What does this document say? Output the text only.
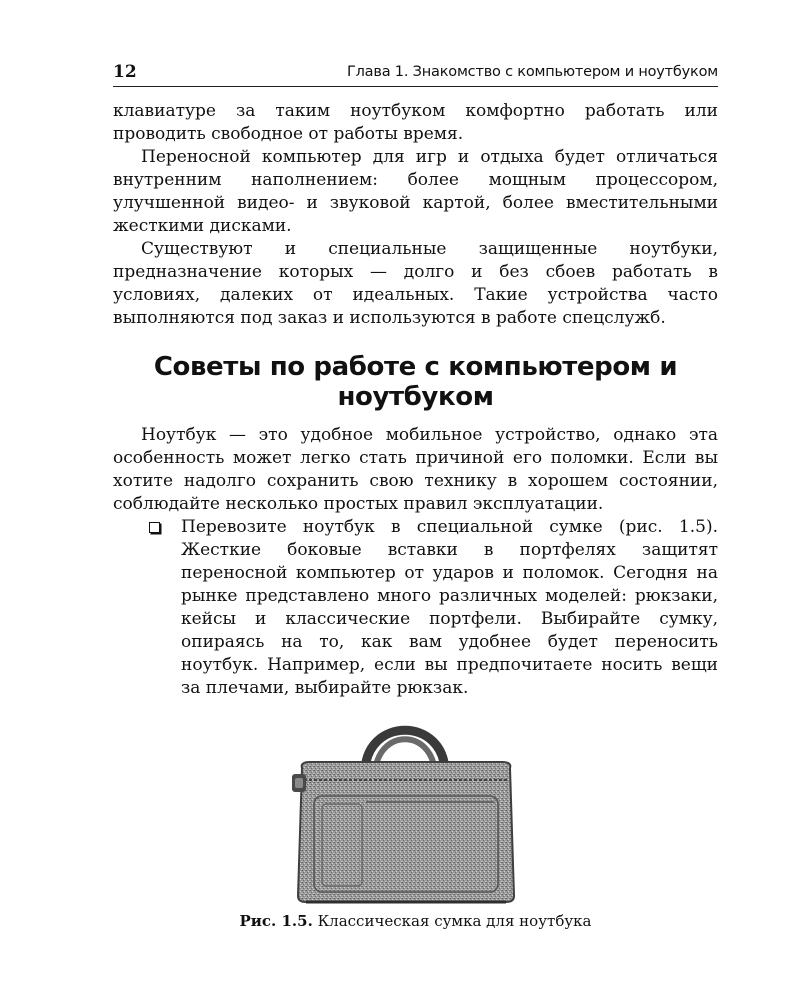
12	Глава 1. Знакомство с компьютером и ноутбуком

клавиатуре за таким ноутбуком комфортно работать или проводить свободное от работы время.

Переносной компьютер для игр и отдыха будет отличаться внутренним наполнением: более мощным процессором, улучшенной видео- и звуковой картой, более вместительными жесткими дисками.

Существуют и специальные защищенные ноутбуки, предназначение которых — долго и без сбоев работать в условиях, далеких от идеальных. Такие устройства часто выполняются под заказ и используются в работе спецслужб.

Советы по работе с компьютером и ноутбуком

Ноутбук — это удобное мобильное устройство, однако эта особенность может легко стать причиной его поломки. Если вы хотите надолго сохранить свою технику в хорошем состоянии, соблюдайте несколько простых правил эксплуатации.

Перевозите ноутбук в специальной сумке (рис. 1.5). Жесткие боковые вставки в портфелях защитят переносной компьютер от ударов и поломок. Сегодня на рынке представлено много различных моделей: рюкзаки, кейсы и классические портфели. Выбирайте сумку, опираясь на то, как вам удобнее будет переносить ноутбук. Например, если вы предпочитаете носить вещи за плечами, выбирайте рюкзак.
Рис. 1.5. Классическая сумка для ноутбука
